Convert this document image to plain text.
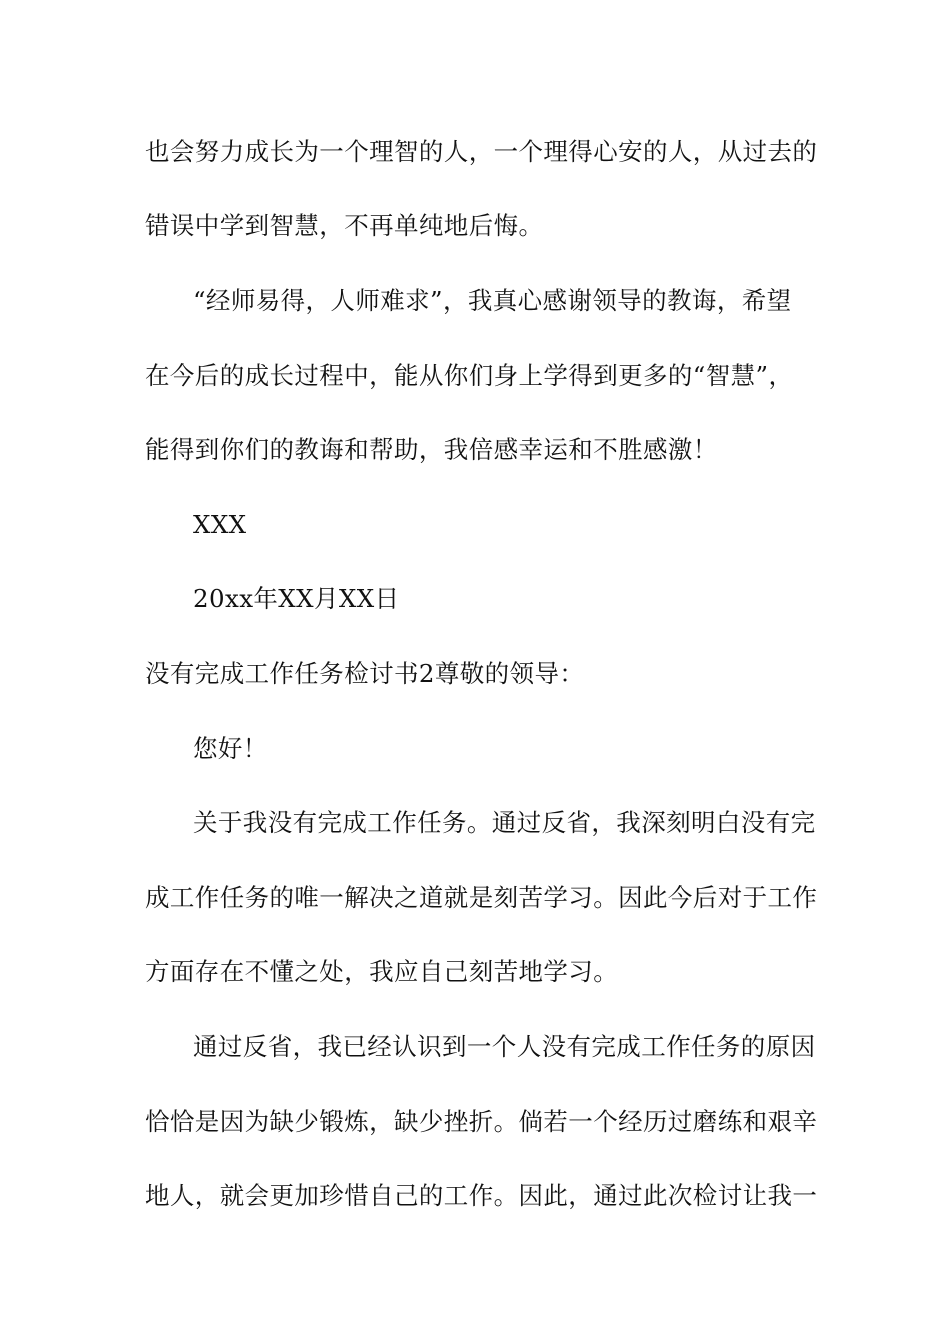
也会努力成长为一个理智的人，一个理得心安的人，从过去的
错误中学到智慧，不再单纯地后悔。
“经师易得，人师难求”，我真心感谢领导的教诲，希望
在今后的成长过程中，能从你们身上学得到更多的“智慧”，
能得到你们的教诲和帮助，我倍感幸运和不胜感激！
XXX
20xx年XX月XX日
没有完成工作任务检讨书2尊敬的领导：
您好！
关于我没有完成工作任务。通过反省，我深刻明白没有完
成工作任务的唯一解决之道就是刻苦学习。因此今后对于工作
方面存在不懂之处，我应自己刻苦地学习。
通过反省，我已经认识到一个人没有完成工作任务的原因
恰恰是因为缺少锻炼，缺少挫折。倘若一个经历过磨练和艰辛
地人，就会更加珍惜自己的工作。因此，通过此次检讨让我一
